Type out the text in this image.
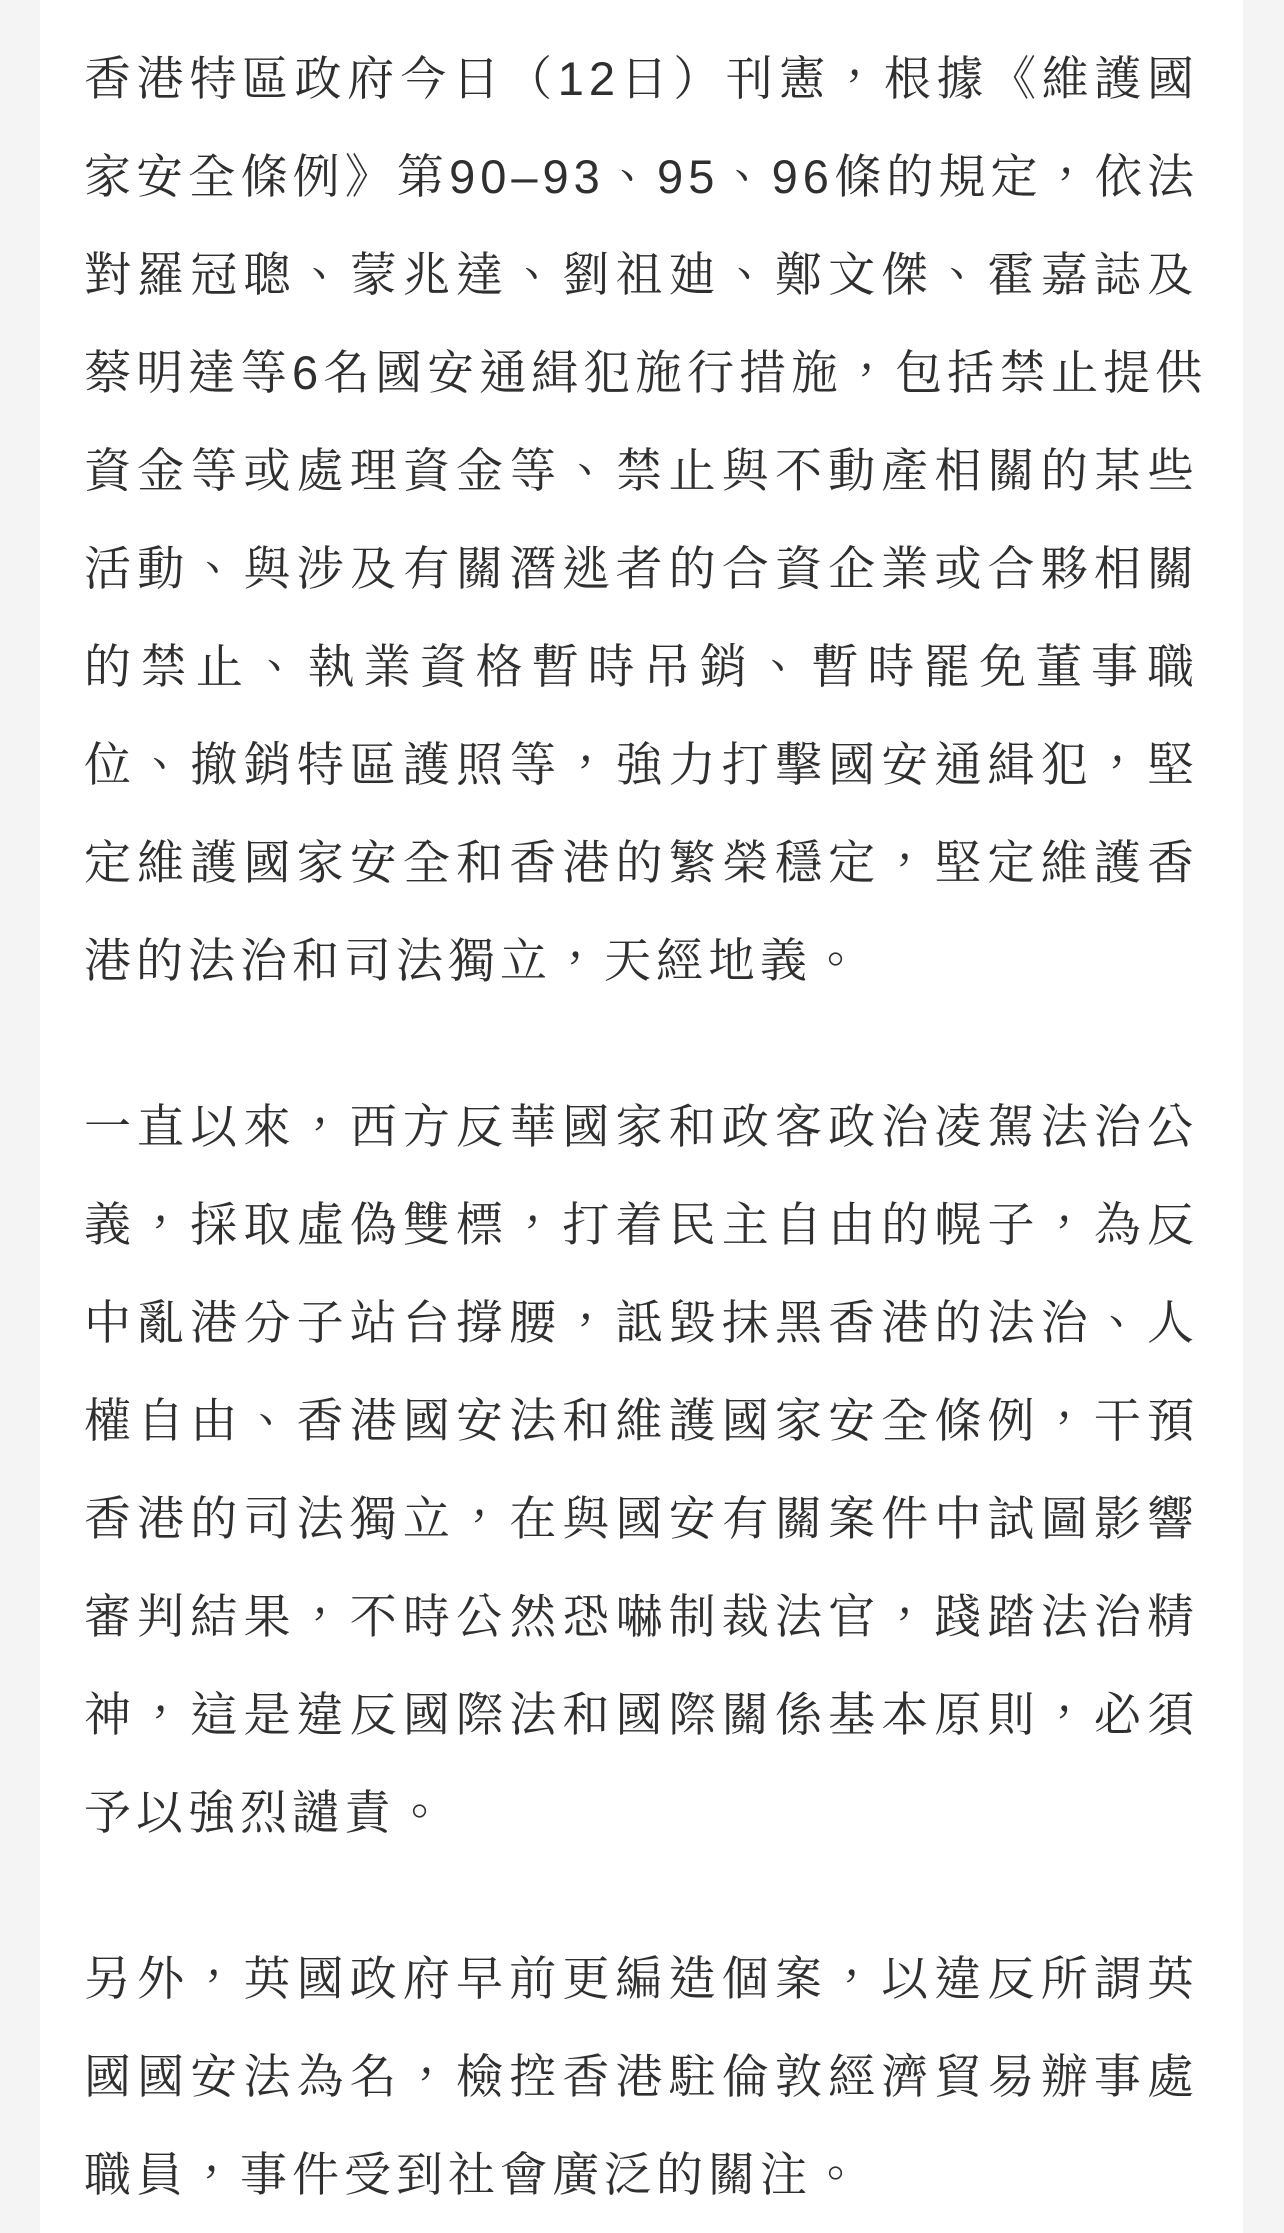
香港特區政府今日（12日）刊憲，根據《維護國
家安全條例》第90–93、95、96條的規定，依法
對羅冠聰、蒙兆達、劉祖廸、鄭文傑、霍嘉誌及
蔡明達等6名國安通緝犯施行措施，包括禁止提供
資金等或處理資金等、禁止與不動產相關的某些
活動、與涉及有關潛逃者的合資企業或合夥相關
的禁止、執業資格暫時吊銷、暫時罷免董事職
位、撤銷特區護照等，強力打擊國安通緝犯，堅
定維護國家安全和香港的繁榮穩定，堅定維護香
港的法治和司法獨立，天經地義。

一直以來，西方反華國家和政客政治凌駕法治公
義，採取虛偽雙標，打着民主自由的幌子，為反
中亂港分子站台撐腰，詆毀抹黑香港的法治、人
權自由、香港國安法和維護國家安全條例，干預
香港的司法獨立，在與國安有關案件中試圖影響
審判結果，不時公然恐嚇制裁法官，踐踏法治精
神，這是違反國際法和國際關係基本原則，必須
予以強烈譴責。

另外，英國政府早前更編造個案，以違反所謂英
國國安法為名，檢控香港駐倫敦經濟貿易辦事處
職員，事件受到社會廣泛的關注。
